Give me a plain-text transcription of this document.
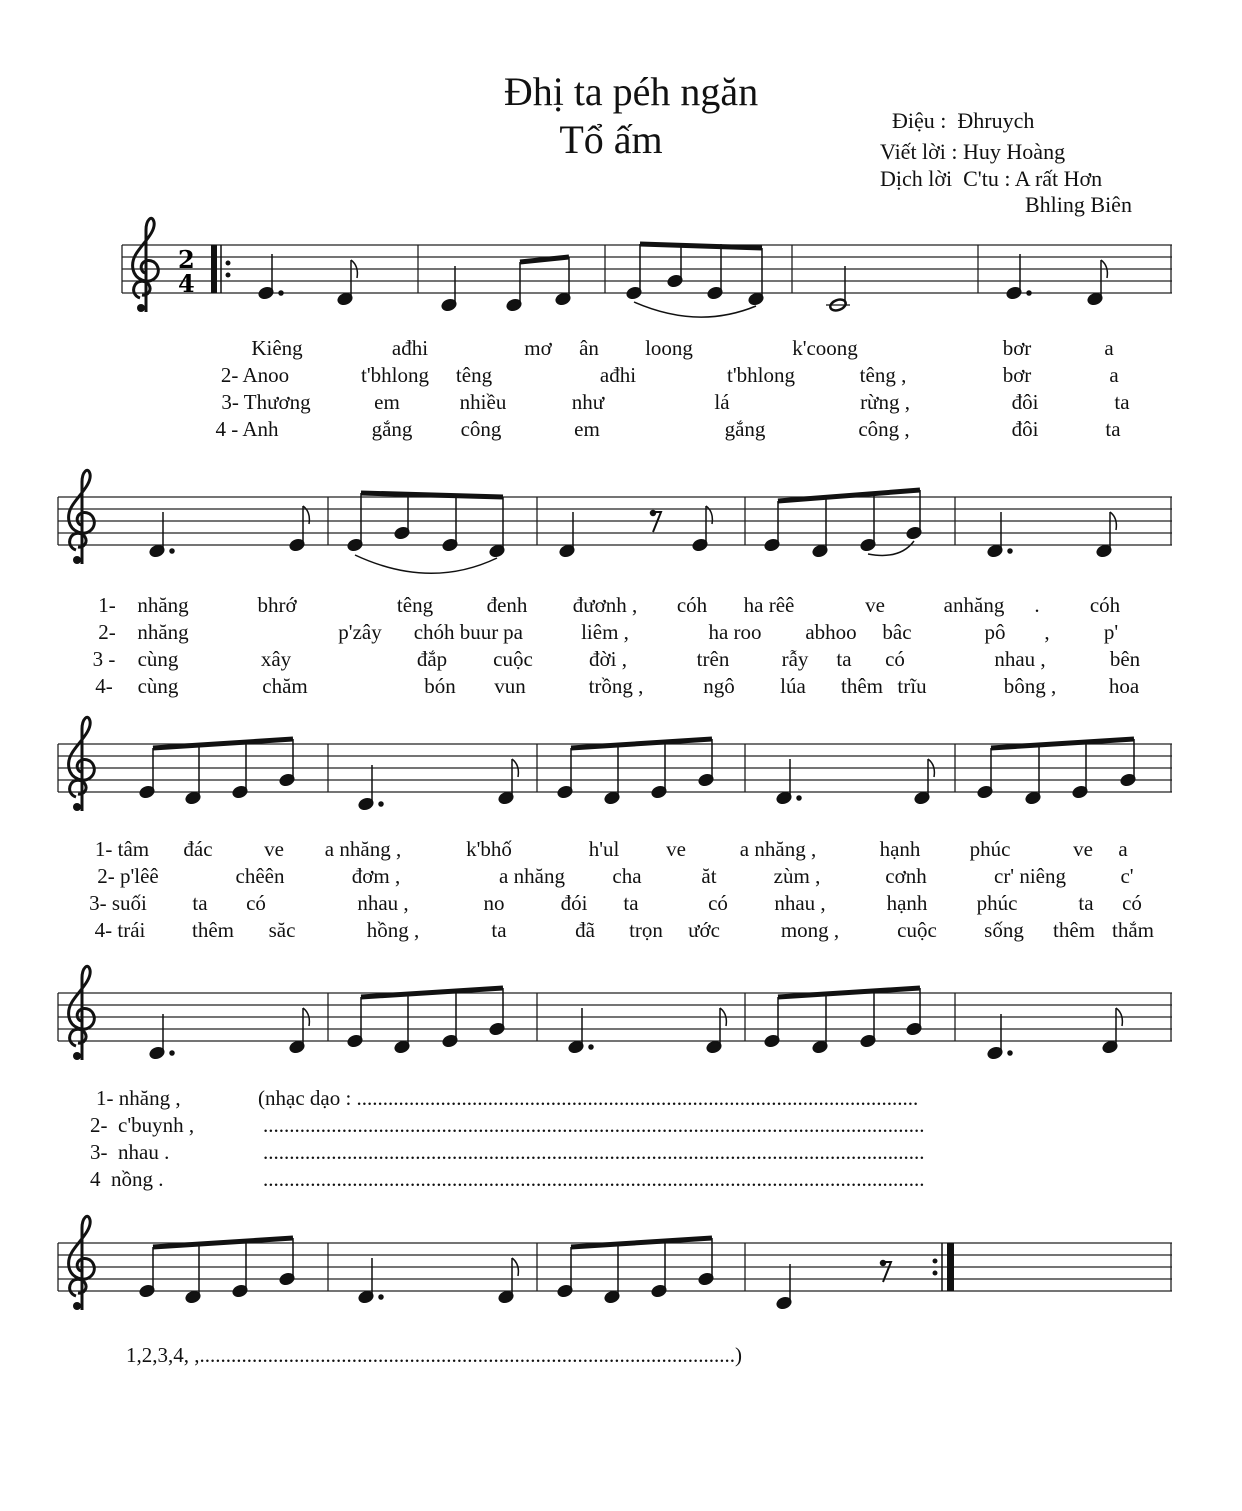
Đhị ta péh ngăn
Tổ ấm	Điệu :  Đhruych
Viết lời : Huy Hoàng
Dịch lời  C'tu : A rất Hơn
Bhling Biên
2
4
Kiêng	ađhi	mơ ân loong	k'coong	bơr	a
2- Anoo	t'bhlong têng	ađhi	t'bhlong	têng ,	bơr	a
3- Thương	em	nhiều	như	lá	rừng ,	đôi	ta
4 - Anh	gắng công	em	gắng	công ,	đôi	ta
1- nhăng	bhrớ	têng	đenh đươnh , cóh ha rêê	ve	anhăng . cóh
2- nhăng	p'zây chóh buur pa	liêm ,	ha roo abhoo bâc	pô ,	p'
3 - cùng	xây	đắp cuộc	đời ,	trên rẫy ta có	nhau ,	bên
4- cùng	chăm	bón vun	trồng ,	ngô lúa thêm trĩu	bông ,	hoa
1- tâm đác ve a nhăng ,	k'bhố	h'ul ve	a nhăng ,	hạnh phúc	ve a
2- p'lêê	chêên	đơm ,	a nhăng cha	ăt	zùm ,	cơnh	cr' niêng	c'
3- suối ta có	nhau ,	no	đói ta	có nhau ,	hạnh phúc	ta có
4- trái thêm săc	hồng ,	ta	đã trọn ước	mong ,	cuộc sống thêm thắm
1- nhăng ,	(nhạc dạo : ...........................................................................................................
2-  c'buynh ,	..............................................................................................................................
3-  nhau .	..............................................................................................................................
4  nồng .	..............................................................................................................................
1,2,3,4, ,......................................................................................................)
